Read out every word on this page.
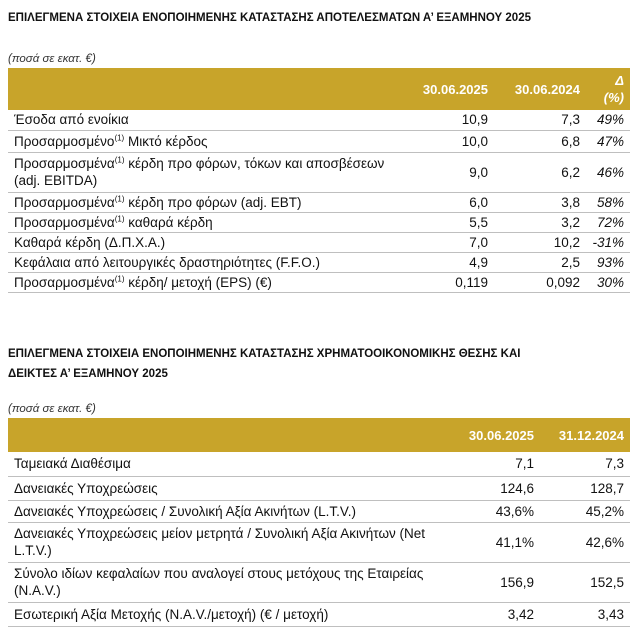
ΕΠΙΛΕΓΜΕΝΑ ΣΤΟΙΧΕΙΑ ΕΝΟΠΟΙΗΜΕΝΗΣ ΚΑΤΑΣΤΑΣΗΣ ΑΠΟΤΕΛΕΣΜΑΤΩΝ Α’ ΕΞΑΜΗΝΟΥ 2025
(ποσά σε εκατ. €)
	30.06.2025	30.06.2024	Δ
(%)

Έσοδα από ενοίκια	10,9	7,3	49%
Προσαρμοσμένο$^{(1)}$ Μικτό κέρδος	10,0	6,8	47%
Προσαρμοσμένα$^{(1)}$ κέρδη προ φόρων, τόκων και αποσβέσεων (adj. EBITDA)	9,0	6,2	46%
Προσαρμοσμένα$^{(1)}$ κέρδη προ φόρων (adj. EBT)	6,0	3,8	58%
Προσαρμοσμένα$^{(1)}$ καθαρά κέρδη	5,5	3,2	72%
Καθαρά κέρδη (Δ.Π.Χ.Α.)	7,0	10,2	-31%
Κεφάλαια από λειτουργικές δραστηριότητες (F.F.O.)	4,9	2,5	93%
Προσαρμοσμένα$^{(1)}$ κέρδη/ μετοχή (EPS) (€)	0,119	0,092	30%
ΕΠΙΛΕΓΜΕΝΑ ΣΤΟΙΧΕΙΑ ΕΝΟΠΟΙΗΜΕΝΗΣ ΚΑΤΑΣΤΑΣΗΣ ΧΡΗΜΑΤΟΟΙΚΟΝΟΜΙΚΗΣ ΘΕΣΗΣ ΚΑΙ
ΔΕΙΚΤΕΣ Α’ ΕΞΑΜΗΝΟΥ 2025
(ποσά σε εκατ. €)
	30.06.2025	31.12.2024
Ταμειακά Διαθέσιμα	7,1	7,3
Δανειακές Υποχρεώσεις	124,6	128,7
Δανειακές Υποχρεώσεις / Συνολική Αξία Ακινήτων (L.T.V.)	43,6%	45,2%
Δανειακές Υποχρεώσεις μείον μετρητά / Συνολική Αξία Ακινήτων (Net L.T.V.)	41,1%	42,6%
Σύνολο ιδίων κεφαλαίων που αναλογεί στους μετόχους της Εταιρείας (N.A.V.)	156,9	152,5
Εσωτερική Αξία Μετοχής (N.A.V./μετοχή) (€ / μετοχή)	3,42	3,43
